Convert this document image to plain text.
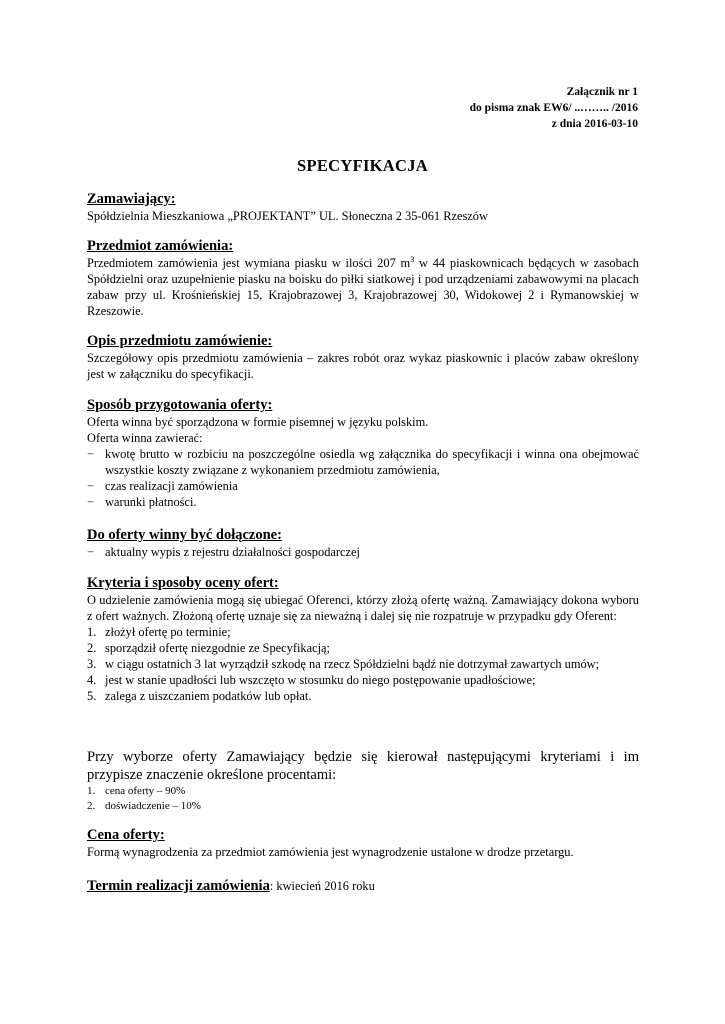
Załącznik nr 1
do pisma znak EW6/ ..…….. /2016
z dnia 2016-03-10
SPECYFIKACJA
Zamawiający:

Spółdzielnia Mieszkaniowa „PROJEKTANT” UL. Słoneczna 2 35-061 Rzeszów

Przedmiot zamówienia:

Przedmiotem zamówienia jest wymiana piasku w ilości 207 $m^3$ w 44 piaskownicach będących w zasobach Spółdzielni oraz uzupełnienie piasku na boisku do piłki siatkowej i pod urządzeniami zabawowymi na placach zabaw przy ul. Krośnieńskiej 15, Krajobrazowej 3, Krajobrazowej 30, Widokowej 2 i Rymanowskiej w Rzeszowie.

Opis przedmiotu zamówienie:

Szczegółowy opis przedmiotu zamówienia – zakres robót oraz wykaz piaskownic i placów zabaw określony jest w załączniku do specyfikacji.

Sposób przygotowania oferty:

Oferta winna być sporządzona w formie pisemnej w języku polskim.

Oferta winna zawierać:

− kwotę brutto w rozbiciu na poszczególne osiedla wg załącznika do specyfikacji i winna ona obejmować wszystkie koszty związane z wykonaniem przedmiotu zamówienia,
− czas realizacji zamówienia
− warunki płatności.
Do oferty winny być dołączone:
− aktualny wypis z rejestru działalności gospodarczej
Kryteria i sposoby oceny ofert:

O udzielenie zamówienia mogą się ubiegać Oferenci, którzy złożą ofertę ważną. Zamawiający dokona wyboru z ofert ważnych. Złożoną ofertę uznaje się za nieważną i dalej się nie rozpatruje w przypadku gdy Oferent:

1. złożył ofertę po terminie;
2. sporządził ofertę niezgodnie ze Specyfikacją;
3. w ciągu ostatnich 3 lat wyrządził szkodę na rzecz Spółdzielni bądź nie dotrzymał zawartych umów;
4. jest w stanie upadłości lub wszczęto w stosunku do niego postępowanie upadłościowe;
5. zalega z uiszczaniem podatków lub opłat.

Przy wyborze oferty Zamawiający będzie się kierował następującymi kryteriami i im przypisze znaczenie określone procentami:

1. cena oferty – 90%
2. doświadczenie – 10%
Cena oferty:

Formą wynagrodzenia za przedmiot zamówienia jest wynagrodzenie ustalone w drodze przetargu.

Termin realizacji zamówienia: kwiecień 2016 roku
